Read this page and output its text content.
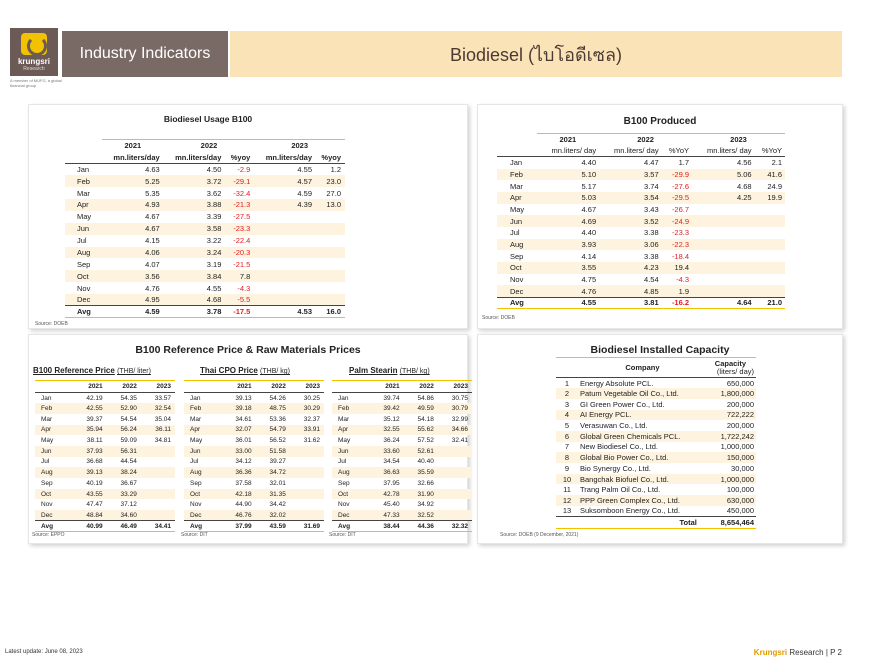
krungsri
Research
A member of MUFG, a global financial group
Industry Indicators	Biodiesel (ไบโอดีเซล)
Biodiesel Usage B100
Source: DOEB
	2021	2022		2023	
	mn.liters/day	mn.liters/day	%yoy	mn.liters/day	%yoy
Jan	4.63	4.50	-2.9	4.55	1.2
Feb	5.25	3.72	-29.1	4.57	23.0
Mar	5.35	3.62	-32.4	4.59	27.0
Apr	4.93	3.88	-21.3	4.39	13.0
May	4.67	3.39	-27.5		
Jun	4.67	3.58	-23.3		
Jul	4.15	3.22	-22.4		
Aug	4.06	3.24	-20.3		
Sep	4.07	3.19	-21.5		
Oct	3.56	3.84	7.8		
Nov	4.76	4.55	-4.3		
Dec	4.95	4.68	-5.5		
Avg	4.59	3.78	-17.5	4.53	16.0
B100 Produced
Source: DOEB
	2021	2022		2023	
	mn.liters/ day	mn.liters/ day	%YoY	mn.liters/ day	%YoY
Jan	4.40	4.47	1.7	4.56	2.1
Feb	5.10	3.57	-29.9	5.06	41.6
Mar	5.17	3.74	-27.6	4.68	24.9
Apr	5.03	3.54	-29.5	4.25	19.9
May	4.67	3.43	-26.7		
Jun	4.69	3.52	-24.9		
Jul	4.40	3.38	-23.3		
Aug	3.93	3.06	-22.3		
Sep	4.14	3.38	-18.4		
Oct	3.55	4.23	19.4		
Nov	4.75	4.54	-4.3		
Dec	4.76	4.85	1.9		
Avg	4.55	3.81	-16.2	4.64	21.0
B100 Reference Price & Raw Materials Prices
B100 Reference Price (THB/ liter)
	2021	2022	2023
Jan	42.19	54.35	33.57
Feb	42.55	52.90	32.54
Mar	39.37	54.54	35.04
Apr	35.94	56.24	36.11
May	38.11	59.09	34.81
Jun	37.93	56.31	
Jul	36.68	44.54	
Aug	39.13	38.24	
Sep	40.19	36.67	
Oct	43.55	33.29	
Nov	47.47	37.12	
Dec	48.84	34.60	
Avg	40.99	46.49	34.41
Source: EPPO
Thai CPO Price (THB/ kg)
	2021	2022	2023
Jan	39.13	54.26	30.25
Feb	39.18	48.75	30.29
Mar	34.61	53.36	32.37
Apr	32.07	54.79	33.91
May	36.01	56.52	31.62
Jun	33.00	51.58	
Jul	34.12	39.27	
Aug	36.36	34.72	
Sep	37.58	32.01	
Oct	42.18	31.35	
Nov	44.90	34.42	
Dec	46.76	32.02	
Avg	37.99	43.59	31.69
Source: DIT
Palm Stearin (THB/ kg)
	2021	2022	2023
Jan	39.74	54.86	30.75
Feb	39.42	49.59	30.79
Mar	35.12	54.18	32.99
Apr	32.55	55.62	34.66
May	36.24	57.52	32.41
Jun	33.60	52.61	
Jul	34.54	40.40	
Aug	36.63	35.59	
Sep	37.95	32.66	
Oct	42.78	31.90	
Nov	45.40	34.92	
Dec	47.33	32.52	
Avg	38.44	44.36	32.32
Source: DIT
Biodiesel Installed Capacity
Source: DOEB (9 December, 2021)
	Company	Capacity
(liters/ day)

1	Energy Absolute PCL.	650,000
2	Patum Vegetable Oil Co., Ltd.	1,800,000
3	GI Green Power Co., Ltd.	200,000
4	AI Energy PCL.	722,222
5	Verasuwan Co., Ltd.	200,000
6	Global Green Chemicals PCL.	1,722,242
7	New Biodiesel Co., Ltd.	1,000,000
8	Global Bio Power Co., Ltd.	150,000
9	Bio Synergy Co., Ltd.	30,000
10	Bangchak Biofuel Co., Ltd.	1,000,000
11	Trang Palm Oil Co., Ltd.	100,000
12	PPP Green Complex Co., Ltd.	630,000
13	Suksomboon Energy Co., Ltd.	450,000
	Total	8,654,464
Latest update: June 08, 2023	Krungsri Research | P 2
